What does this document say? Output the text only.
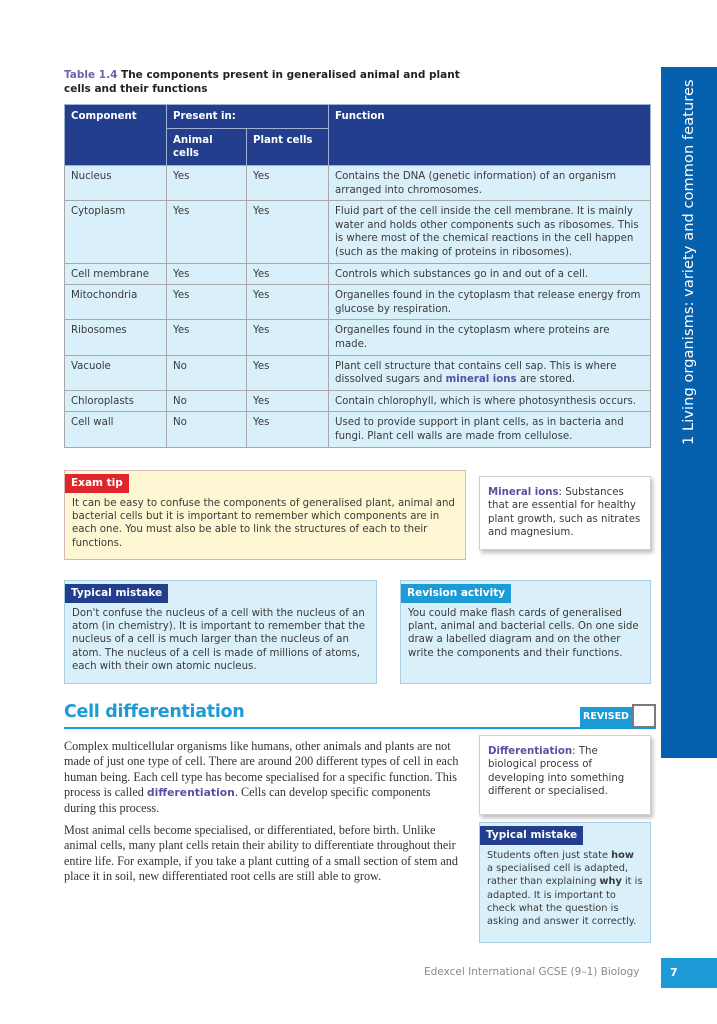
1 Living organisms: variety and common features
Table 1.4 The components present in generalised animal and plant cells and their functions
Component	Present in:		Function
	Animal cells	Plant cells	
Nucleus	Yes	Yes	Contains the DNA (genetic information) of an organism arranged into chromosomes.
Cytoplasm	Yes	Yes	Fluid part of the cell inside the cell membrane. It is mainly water and holds other components such as ribosomes. This is where most of the chemical reactions in the cell happen (such as the making of proteins in ribosomes).
Cell membrane	Yes	Yes	Controls which substances go in and out of a cell.
Mitochondria	Yes	Yes	Organelles found in the cytoplasm that release energy from glucose by respiration.
Ribosomes	Yes	Yes	Organelles found in the cytoplasm where proteins are made.
Vacuole	No	Yes	Plant cell structure that contains cell sap. This is where dissolved sugars and mineral ions are stored.
Chloroplasts	No	Yes	Contain chlorophyll, which is where photosynthesis occurs.
Cell wall	No	Yes	Used to provide support in plant cells, as in bacteria and fungi. Plant cell walls are made from cellulose.
Exam tip
It can be easy to confuse the components of generalised plant, animal and bacterial cells but it is important to remember which components are in each one. You must also be able to link the structures of each to their functions.
Mineral ions: Substances that are essential for healthy plant growth, such as nitrates and magnesium.
Typical mistake
Don't confuse the nucleus of a cell with the nucleus of an atom (in chemistry). It is important to remember that the nucleus of a cell is much larger than the nucleus of an atom. The nucleus of a cell is made of millions of atoms, each with their own atomic nucleus.
Revision activity
You could make flash cards of generalised plant, animal and bacterial cells. On one side draw a labelled diagram and on the other write the components and their functions.
Cell differentiation	REVISED

Complex multicellular organisms like humans, other animals and plants are not made of just one type of cell. There are around 200 different types of cell in each human being. Each cell type has become specialised for a specific function. This process is called differentiation. Cells can develop specific components during this process.

Most animal cells become specialised, or differentiated, before birth. Unlike animal cells, many plant cells retain their ability to differentiate throughout their entire life. For example, if you take a plant cutting of a small section of stem and place it in soil, new differentiated root cells are still able to grow.

Differentiation: The biological process of developing into something different or specialised.
Typical mistake
Students often just state how a specialised cell is adapted, rather than explaining why it is adapted. It is important to check what the question is asking and answer it correctly.
Edexcel International GCSE (9–1) Biology	7
